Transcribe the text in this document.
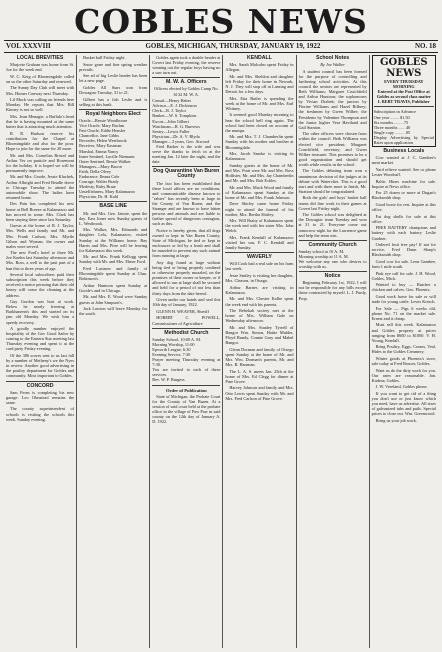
COBLES NEWS
VOL XXXVIII	GOBLES, MICHIGAN, THURSDAY, JANUARY 19, 1922	NO. 18
LOCAL BREVITIES

Marjorie Graham was home from St. Joe for the week end.

W. C. Keig of Bloomingdale called on us the other Saturday and renewed.

The Sunny Day Club will meet with Mrs. Homer Conway next Thursday.

Lil Mack was calling on friends here Monday. He reports that Mrs. Bill Kinney is not so well.

Mrs. Jean Menagie, a Buffalo's head that he is having mounted at the same butter that is attracting much attention.

R. R. Hudson reserve his contribution for the Chapel at Bloomingdale and also for the poor. Hope to join for the same for 20 more.

Mr. and Mrs. Cornelius Bristol and Arthur Ver on particle and Rosemont for the holiday. It is hoped we will be permanently improve.

Mr. and Mrs. Goode, Jessie Kluchek, Arthur Albright and Fred Beadle drove to Chicago Tuesday to attend the automobile show. The ladies have returned home.

Des Pain has completed his new home at Bell Breeze at Kalamazoo and has moved in some. Mrs. Clark has been staying there since last Saturday.

Guests at the home of R. J. Taylor, Mrs. Wells and family and Mr. and Mrs. Frank Carlson, Mrs. Myrtle Gilson and Wyman, the owner and males were served.

The new Ford's hotel to three Mr. Joe Kuehn last Saturday afternoon and Mrs. Ross, a well to the past part of a ban this to three years of age.

Several local subscribers paid their subscription this week before they received a notice persuing that their old honey will cease the cleaning at the address.

Guy Gordon was hurt at work. Below he nearly freezing at Barkhanenn's this and started on its jam old Monday. We wish him a speedy recovery.

A goodly number enjoyed the hospitality of the Gov Good Sailor by coming to the Eastern Star meeting last Thursday evening and spent it at the card party Friday evening.

Of the 386 scores sent to us last fall by a number of Metheny's we the Nyes in review. Another good advertising in the poultry department for Gobles and community. Most important to Gobles.

CONCORD

Sam Ferns is completing his new garage. Leo Olmstead remains the same.

The county superintendent of schools is visiting the schools this week. Sunday evening.

Basket ball Friday night.

Snow gone and fine spring weather prevails.

See ad of big Leslie header has been let a new page.

Gobles All Stars won from Dowagiac Tuesday, 31 to 21.

Gilbert has a fish Leslie and is selling at this bank.

Royal Neighbors Elect

Oracle—Bessie Woodhouse

Vice Oracle, Mary Bachm

Past Oracle, Eddie Hensler

Chancellor, Jane Gibbs

Recorder, Helen Westbrook

Receiver, Mary Eastman

Marshal, Emma Yancy

Inner Sentinel, Lucille Niemann

Outer Sentinel, Bessie Walker

Managers—Mary Bacon

Faith, Della Olvey

Endurance, Ileana Cole

Courage, Walter Brady

Modesty, Ruby Bratz

Unselfishness, Mary Kalamazoo

Physician, Dr. H. Kahl

BASE LINE

Mr. and Mrs. Geo. Jaimie, spent the day. East Jones now Sunday guests of L. Westbrook.

Mrs. Walker, Mrs. Edmonds and daughter Lela, Kalamazoo, visited Sunday at the Williams home. Ray Harris and Mrs. Pitre will be leaving for Kalamazoo this week.

Mr. and Mrs. Frank Kellogg spent Sunday with Mr. and Mrs. Elmer Ford.

Fred Lusinow and family of Bloomingdale spent Sunday at Chas. Robinson's.

Arthur Huntoon spent Sunday at Goode's and in Chicago.

Mr. and Mrs. E. Wood were Sunday guests at John Simpson's.

Jack Lawton will leave Monday for the south.

Gobles again took a double header at Covert last Friday evening, the reserve winning out the regular boys having no a saw turn out.

M. W. A. Officers

Officers elected by Gobles Camp No. 6132 M. W. A.

Consul—Henry Haber

Advisor—E. J. Dickinson

Clerk—R. J. Taylor

Banker—W. S. Tompkins

Escort—John Gilbert

Watchman—R. G. Burrows

Sentry—Lewis Fuller

Physician—Dr. A. V. Blyda

Manager—3 years, Geo. Atwood

Fred Barker is the wife and was serve the thanks to fetch in at the meeting Jan. 12 later the night, and the date.

Dog Quarantine Van Buren County

The fact has been established that these local affects are no conditions, and communicable disease known to "rabies" has recently been at large in the County of Van Buren, and the Stranger and are known to have bitten persons and animals and are liable to further spread of dangerous contagion, such as this.

Notice is hereby given, that all dogs owned or kept in Van Buren County, State of Michigan, be tied or kept in enclosures or led by a leash and shall be muzzled to prevent any such animal from running at large.

Any dog found at large without being tied or being properly confined or otherwise properly muzzled, on the premises of their owner or keeper, or if allowed to run at large shall be secured and held for a period of not less than thirty days from the date hereof.

Given under our hands and seal this 10th day of January, 1922.

GLENN H. WEAVER, Sheriff

HOBERT C. POWELL, Commissioner of Agriculture

Methodist Church

Sunday School, 10:00 A. M.

Morning Worship, 11:00

Epworth League, 6:30

Evening Service, 7:30

Prayer meeting Thursday evening at 7:30.

You are invited to each of these services.

Rev. W. P. Burgess

Order of Publication

State of Michigan, the Probate Court for the County of Van Buren. At a session of said court held at the probate office in the village of Paw Paw in said county on the 12th day of January A. D. 1922.

KENDALL

Mrs. Sarah Malcolm spent Friday in Allegan.

Mr. and Mrs. Sheldon and daughter left Friday for their home in Newark, N. J. They will stop off at Lansing and Detroit for a few days.

Mrs. Etta Butler is spending the week at the home of Mr. and Mrs. Earl Whitney.

It seemed good Monday morning to hear the school bell ring again. The school had been closed on account of the mumps.

Mr. and Mrs. T. J. Chamberlin spent Sunday with his mother and brother at Bloomingdale.

Mrs. Jacob Smoke is visiting in Kalamazoo.

Sunday guests at the home of Mr. and Mrs. Pratt were Mr. and Mrs. Ross Hollister, Mr. and Mrs. Jay Chamberlin and Mr. and Mrs. Bob Eckles.

Mr. and Mrs. Mack Wood and family of Kalamazoo spent Sunday at the home of Mr. and Mrs. Frank Johnson.

Dave Shirley came home Friday night to attend the funeral of his mother, Mrs. Bertha Shirley.

Mrs. Will Bratty of Kalamazoo spent the week end with her sister Mrs. John Welch.

Mrs. Frank Kendall of Kalamazoo visited her son, F. C. Kendall and family Sunday.

WAVERLY

Will Cook had a real sale on his farm last week.

Jesse Smiley is visiting her daughter, Mrs. Cleason, in Otsego.

Arthur Barnes are visiting in Kalamazoo.

Mr. and Mrs. Chester Kolbe spent the week end with his parents.

The Rebekah society met at the home of Mrs. William Gale on Wednesday afternoon.

Mr. and Mrs. Stanley Tyrrell of Bangor Wm. Simon, Hattie Mulder, Floyd Bundy, Connie Gray and Mabel Bangor.

Glenn Dorman and family of Otsego spent Sunday at the home of Mr. and Mrs. Wm. Dorman's parents, Mr. and Mrs. B. Hartman.

The L. A. S. meets Jan. 25th at the home of Mrs. Ed Clegg for dinner at Pine Grove.

Harvey Johnson and family and Mrs. Otto Lewis spent Sunday with Mr. and Mrs. Fred Carlson of Pine Grove.

School Notes

By Joe Walker

A student council has been formed for the purpose of controlling and furthering school activities. At this council the seniors are represented by Beth Williams; Margaret Crutchfield and Arthur Huntoon; the sophomores by Vivian Drabek; the juniors by Florine Williams and Hazel Bilbrey; the freshmen by Gwen Wilber; the Presidents by Valentine Thompson and the Junior higher Vera Haviland and Gail Stanton.

The other officers were chosen from within the council. Beth Williams was elected vice president; Margaret Crutchfield, secretary; and Gwen Wilber treasurer. This promises to be a good organization and should get worth while results in the school.

The Gobles debating team won a unanimous decision of the judges at its debate with Watervliet. This is a good start and with three more to finish, Mr. Stratton should be congratulated.

Both the girls' and boys' basket ball teams did fine work in their games at Covert last Friday night.

The Gobles school was delighted at the Dowagiac team Tuesday and won at 31 to 21. Everyone come out tomorrow night for the Lawrence game and help the team win.

Community Church

Sunday school at 10 A. M.

Morning worship at 11 A. M.

We welcome any one who desires to worship with us.

Notice

Beginning February 1st, 1922, I will not be responsible for any bills except those contracted by myself. L. J. Purdy, Prop.

GOBLES NEWS
EVERY THURSDAY MORNING
Entered at the Post Office at Gobles as second class matter
I. BERT TRAVIS, Publisher
Subscription in Advance
One year ........ $1.50
Six months ....... .75
Three months ..... .40
Single copy ........ .05
Display Advertising by Special Rates upon application
Business Locals

Cow wanted at J. C. Gambee's meat market.

Yard relieve wanted. See or phone Lester Woodruff.

Baltic Hines machine for sale. Inquire at News office.

For 25 dozen or more at Dugan's Blacksmith shop.

Good horse for rest. Inquire at this office.

Fat dog shells for sale at this office.

FREE BATTERY champions and battery with each battery Leslie Gardner.

Ordered fruit free pay! If not for service, Fred Dunn Sharp's Blacksmith shop.

Good cow for sale. Leon Gambee, farm 1 mile south.

Pink eye calf for sale. J. H. Wood, Gobles, Mich.

Wanted to buy — Butcher a chicken and calves. Geo. Phoenix.

Good work horse for sale or will trade for young cattle. Lewis Kotsch.

For Sale — Pigs 6 weeks old, phone No. 71 on the market sale. Ernest and it cheap.

Must sell this week. Kalamazoo and Gobles property at prices ranging from $600 to $1000. V. H. Young, Kendall.

Bring Poultry, Eggs, Cream, Veal, Hides to the Gobles Creamery.

Winter goods at Phoenix's store, sale today at Fred Rouser, Gobles.

Want us do the dirty work for you. Our rates are reasonable. Jan. Kudrna, Gobles.

J. W. Vreeland, Gobles phone.

If you want to get rid of a thing you don't use or just know which you need, have us advertise. All sizes of galvanized tubs and pails. Special prices to close out. Wm. Greenwood.

Bring us your job work.
